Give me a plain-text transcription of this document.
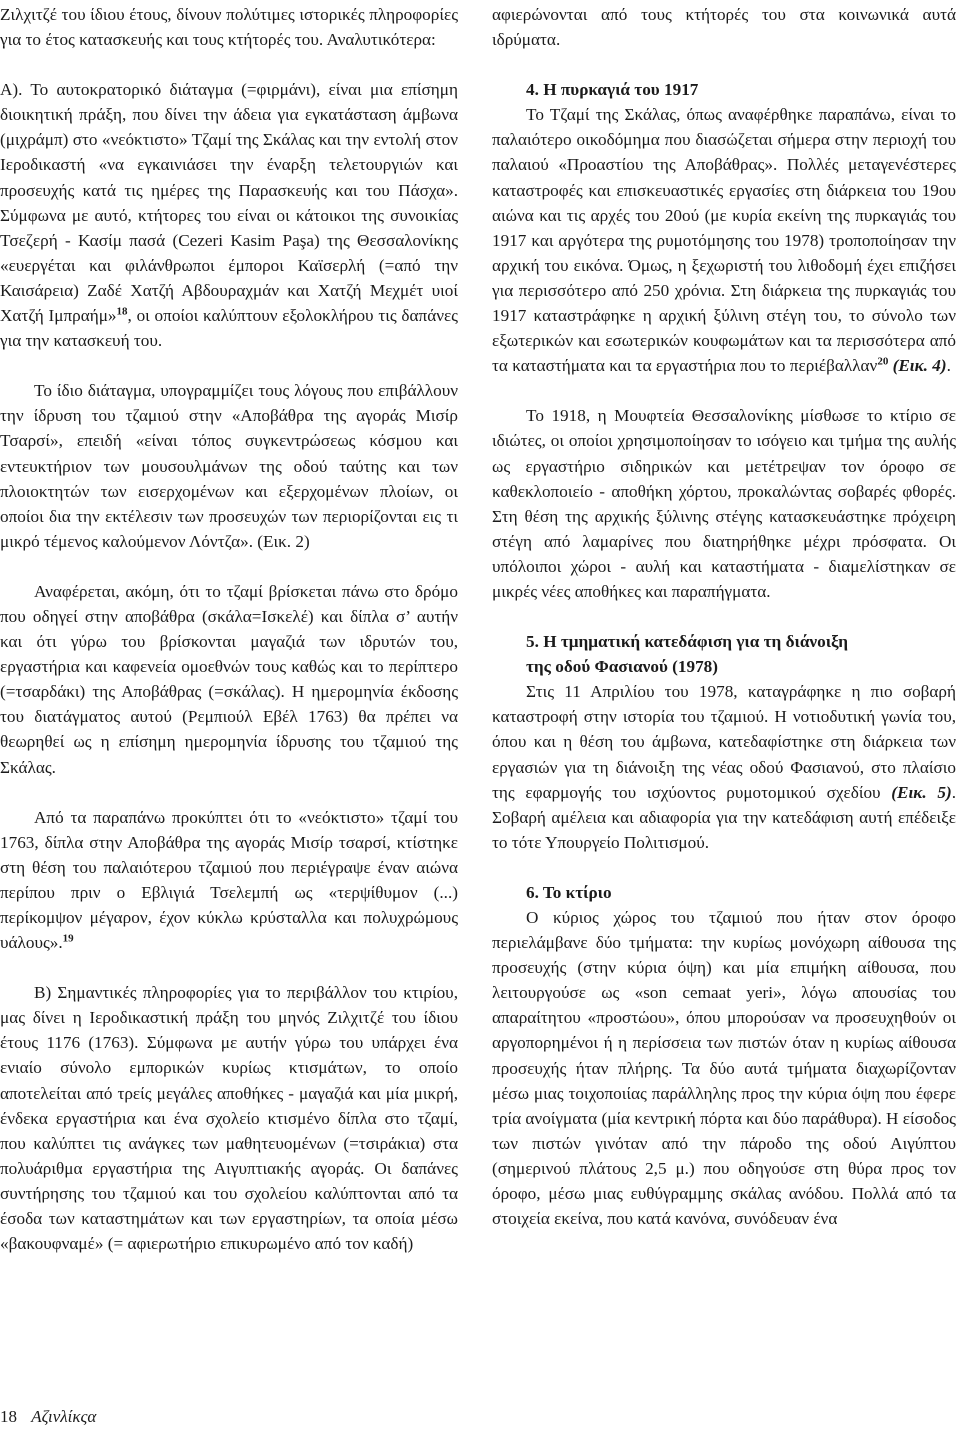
Ζιλχιτζέ του ίδιου έτους, δίνουν πολύτιμες ιστορικές πληροφορίες για το έτος κατασκευής και τους κτήτορές του. Αναλυτικότερα:

Α). Το αυτοκρατορικό διάταγμα (=φιρμάνι), είναι μια επίσημη διοικητική πράξη, που δίνει την άδεια για εγκατάσταση άμβωνα (μιχράμπ) στο «νεόκτιστο» Τζαμί της Σκάλας και την εντολή στον Ιεροδικαστή «να εγκαινιάσει την έναρξη τελετουργιών και προσευχής κατά τις ημέρες της Παρασκευής και του Πάσχα». Σύμφωνα με αυτό, κτήτορες του είναι οι κάτοικοι της συνοικίας Τσεζερή - Κασίμ πασά (Cezeri Kasim Paşa) της Θεσσαλονίκης «ευεργέται και φιλάνθρωποι έμποροι Καϊσερλή (=από την Καισάρεια) Ζαδέ Χατζή Αβδουραχμάν και Χατζή Μεχμέτ υιοί Χατζή Ιμπραήμ»$^{18}$, οι οποίοι καλύπτουν εξολοκλήρου τις δαπάνες για την κατασκευή του.

Το ίδιο διάταγμα, υπογραμμίζει τους λόγους που επιβάλλουν την ίδρυση του τζαμιού στην «Αποβάθρα της αγοράς Μισίρ Τσαρσί», επειδή «είναι τόπος συγκεντρώσεως κόσμου και εντευκτήριον των μουσουλμάνων της οδού ταύτης και των πλοιοκτητών των εισερχομένων και εξερχομένων πλοίων, οι οποίοι δια την εκτέλεσιν των προσευχών των περιορίζονται εις τι μικρό τέμενος καλούμενον Λόντζα». (Εικ. 2)

Αναφέρεται, ακόμη, ότι το τζαμί βρίσκεται πάνω στο δρόμο που οδηγεί στην αποβάθρα (σκάλα=Ισκελέ) και δίπλα σ’ αυτήν και ότι γύρω του βρίσκονται μαγαζιά των ιδρυτών του, εργαστήρια και καφενεία ομοεθνών τους καθώς και το περίπτερο (=τσαρδάκι) της Αποβάθρας (=σκάλας). Η ημερομηνία έκδοσης του διατάγματος αυτού (Ρεμπιούλ Εβέλ 1763) θα πρέπει να θεωρηθεί ως η επίσημη ημερομηνία ίδρυσης του τζαμιού της Σκάλας.

Από τα παραπάνω προκύπτει ότι το «νεόκτιστο» τζαμί του 1763, δίπλα στην Αποβάθρα της αγοράς Μισίρ τσαρσί, κτίστηκε στη θέση του παλαιότερου τζαμιού που περιέγραψε έναν αιώνα περίπου πριν ο Εβλιγιά Τσελεμπή ως «τερψίθυμον (...) περίκομψον μέγαρον, έχον κύκλω κρύσταλλα και πολυχρώμους υάλους».$^{19}$

Β) Σημαντικές πληροφορίες για το περιβάλλον του κτιρίου, μας δίνει η Ιεροδικαστική πράξη του μηνός Ζιλχιτζέ του ίδιου έτους 1176 (1763). Σύμφωνα με αυτήν γύρω του υπάρχει ένα ενιαίο σύνολο εμπορικών κυρίως κτισμάτων, το οποίο αποτελείται από τρείς μεγάλες αποθήκες - μαγαζιά και μία μικρή, ένδεκα εργαστήρια και ένα σχολείο κτισμένο δίπλα στο τζαμί, που καλύπτει τις ανάγκες των μαθητευομένων (=τσιράκια) στα πολυάριθμα εργαστήρια της Αιγυπτιακής αγοράς. Οι δαπάνες συντήρησης του τζαμιού και του σχολείου καλύπτονται από τα έσοδα των καταστημάτων και των εργαστηρίων, τα οποία μέσω «βακουφναμέ» (= αφιερωτήριο επικυρωμένο από τον καδή)

αφιερώνονται από τους κτήτορές του στα κοινωνικά αυτά ιδρύματα.

4. Η πυρκαγιά του 1917

Το Τζαμί της Σκάλας, όπως αναφέρθηκε παραπάνω, είναι το παλαιότερο οικοδόμημα που διασώζεται σήμερα στην περιοχή του παλαιού «Προαστίου της Αποβάθρας». Πολλές μεταγενέστερες καταστροφές και επισκευαστικές εργασίες στη διάρκεια του 19ου αιώνα και τις αρχές του 20ού (με κυρία εκείνη της πυρκαγιάς του 1917 και αργότερα της ρυμοτόμησης του 1978) τροποποίησαν την αρχική του εικόνα. Όμως, η ξεχωριστή του λιθοδομή έχει επιζήσει για περισσότερο από 250 χρόνια. Στη διάρκεια της πυρκαγιάς του 1917 καταστράφηκε η αρχική ξύλινη στέγη του, το σύνολο των εξωτερικών και εσωτερικών κουφωμάτων και τα περισσότερα από τα καταστήματα και τα εργαστήρια που το περιέβαλλαν$^{20}$ (Εικ. 4).

Το 1918, η Μουφτεία Θεσσαλονίκης μίσθωσε το κτίριο σε ιδιώτες, οι οποίοι χρησιμοποίησαν το ισόγειο και τμήμα της αυλής ως εργαστήριο σιδηρικών και μετέτρεψαν τον όροφο σε καθεκλοποιείο - αποθήκη χόρτου, προκαλώντας σοβαρές φθορές. Στη θέση της αρχικής ξύλινης στέγης κατασκευάστηκε πρόχειρη στέγη από λαμαρίνες που διατηρήθηκε μέχρι πρόσφατα. Οι υπόλοιποι χώροι - αυλή και καταστήματα - διαμελίστηκαν σε μικρές νέες αποθήκες και παραπήγματα.

5. Η τμηματική κατεδάφιση για τη διάνοιξη
της οδού Φασιανού (1978)

Στις 11 Απριλίου του 1978, καταγράφηκε η πιο σοβαρή καταστροφή στην ιστορία του τζαμιού. Η νοτιοδυτική γωνία του, όπου και η θέση του άμβωνα, κατεδαφίστηκε στη διάρκεια των εργασιών για τη διάνοιξη της νέας οδού Φασιανού, στο πλαίσιο της εφαρμογής του ισχύοντος ρυμοτομικού σχεδίου (Εικ. 5). Σοβαρή αμέλεια και αδιαφορία για την κατεδάφιση αυτή επέδειξε το τότε Υπουργείο Πολιτισμού.

6. Το κτίριο

Ο κύριος χώρος του τζαμιού που ήταν στον όροφο περιελάμβανε δύο τμήματα: την κυρίως μονόχωρη αίθουσα της προσευχής (στην κύρια όψη) και μία επιμήκη αίθουσα, που λειτουργούσε ως «son cemaat yeri», λόγω απουσίας του απαραίτητου «προστώου», όπου μπορούσαν να προσευχηθούν οι αργοπορημένοι ή η περίσσεια των πιστών όταν η κυρίως αίθουσα προσευχής ήταν πλήρης. Τα δύο αυτά τμήματα διαχωρίζονταν μέσω μιας τοιχοποιίας παράλληλης προς την κύρια όψη που έφερε τρία ανοίγματα (μία κεντρική πόρτα και δύο παράθυρα). Η είσοδος των πιστών γινόταν από την πάροδο της οδού Αιγύπτου (σημερινού πλάτους 2,5 μ.) που οδηγούσε στη θύρα προς τον όροφο, μέσω μιας ευθύγραμμης σκάλας ανόδου. Πολλά από τα στοιχεία εκείνα, που κατά κανόνα, συνόδευαν ένα

18 Αζινλίκςα
